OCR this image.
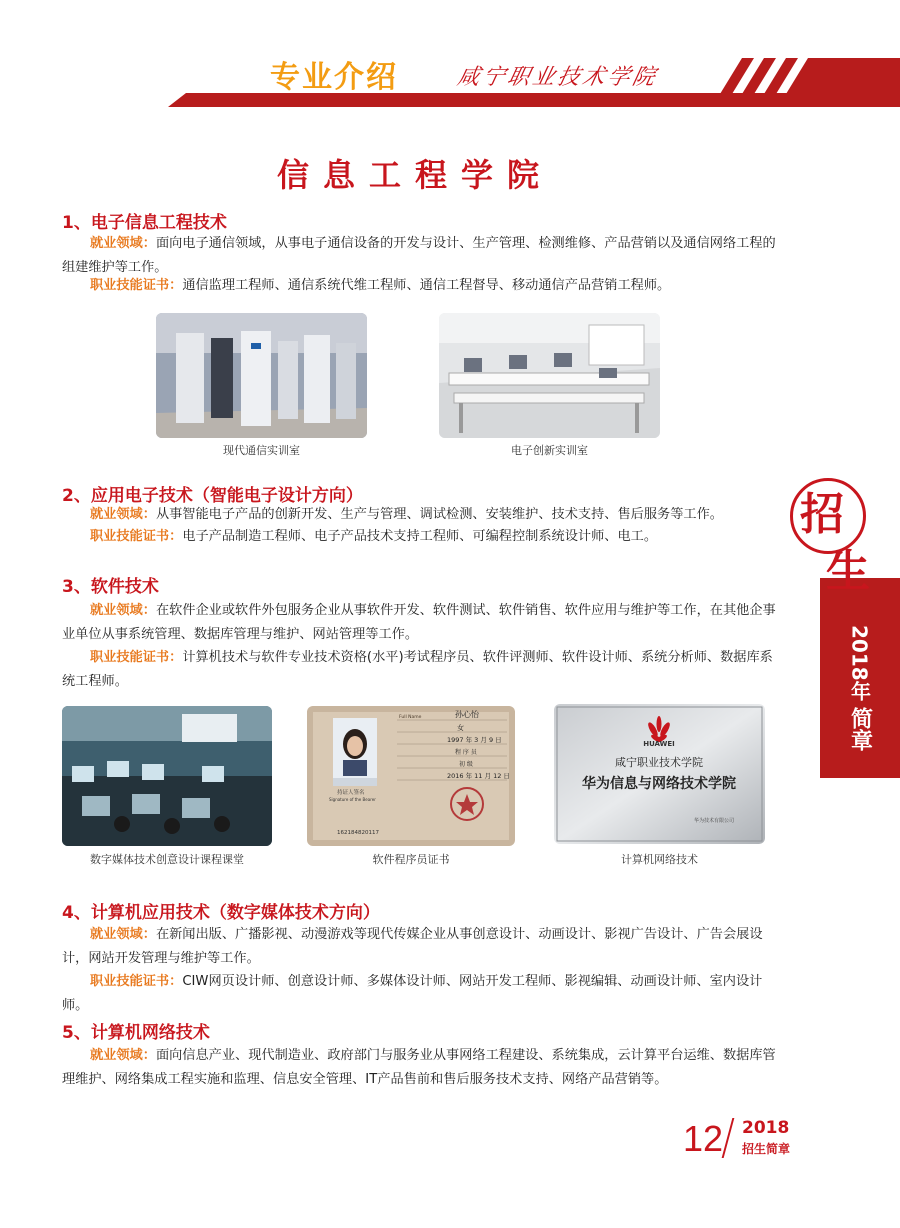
专业介绍	咸宁职业技术学院
信息工程学院
1、电子信息工程技术

就业领域：面向电子通信领域，从事电子通信设备的开发与设计、生产管理、检测维修、产品营销以及通信网络工程的组建维护等工作。

职业技能证书：通信监理工程师、通信系统代维工程师、通信工程督导、移动通信产品营销工程师。

现代通信实训室	电子创新实训室
2、应用电子技术（智能电子设计方向）

就业领域：从事智能电子产品的创新开发、生产与管理、调试检测、安装维护、技术支持、售后服务等工作。

职业技能证书：电子产品制造工程师、电子产品技术支持工程师、可编程控制系统设计师、电工。

3、软件技术

就业领域：在软件企业或软件外包服务企业从事软件开发、软件测试、软件销售、软件应用与维护等工作，在其他企事业单位从事系统管理、数据库管理与维护、网站管理等工作。

职业技能证书：计算机技术与软件专业技术资格(水平)考试程序员、软件评测师、软件设计师、系统分析师、数据库系统工程师。

数字媒体技术创意设计课程课堂
Full Name	孙心怡
女
1997 年 3 月 9 日
程 序 员
初 级
2016 年 11 月 12 日
持证人签名
Signature of the Bearer
162184820117
软件程序员证书
HUAWEI
咸宁职业技术学院
华为信息与网络技术学院
华为技术有限公司
计算机网络技术
4、计算机应用技术（数字媒体技术方向）

就业领域：在新闻出版、广播影视、动漫游戏等现代传媒企业从事创意设计、动画设计、影视广告设计、广告会展设计，网站开发管理与维护等工作。

职业技能证书：CIW网页设计师、创意设计师、多媒体设计师、网站开发工程师、影视编辑、动画设计师、室内设计师。

5、计算机网络技术

就业领域：面向信息产业、现代制造业、政府部门与服务业从事网络工程建设、系统集成，云计算平台运维、数据库管理维护、网络集成工程实施和监理、信息安全管理、IT产品售前和售后服务技术支持、网络产品营销等。

招
生
2018年
简章
12 2018
招生简章
